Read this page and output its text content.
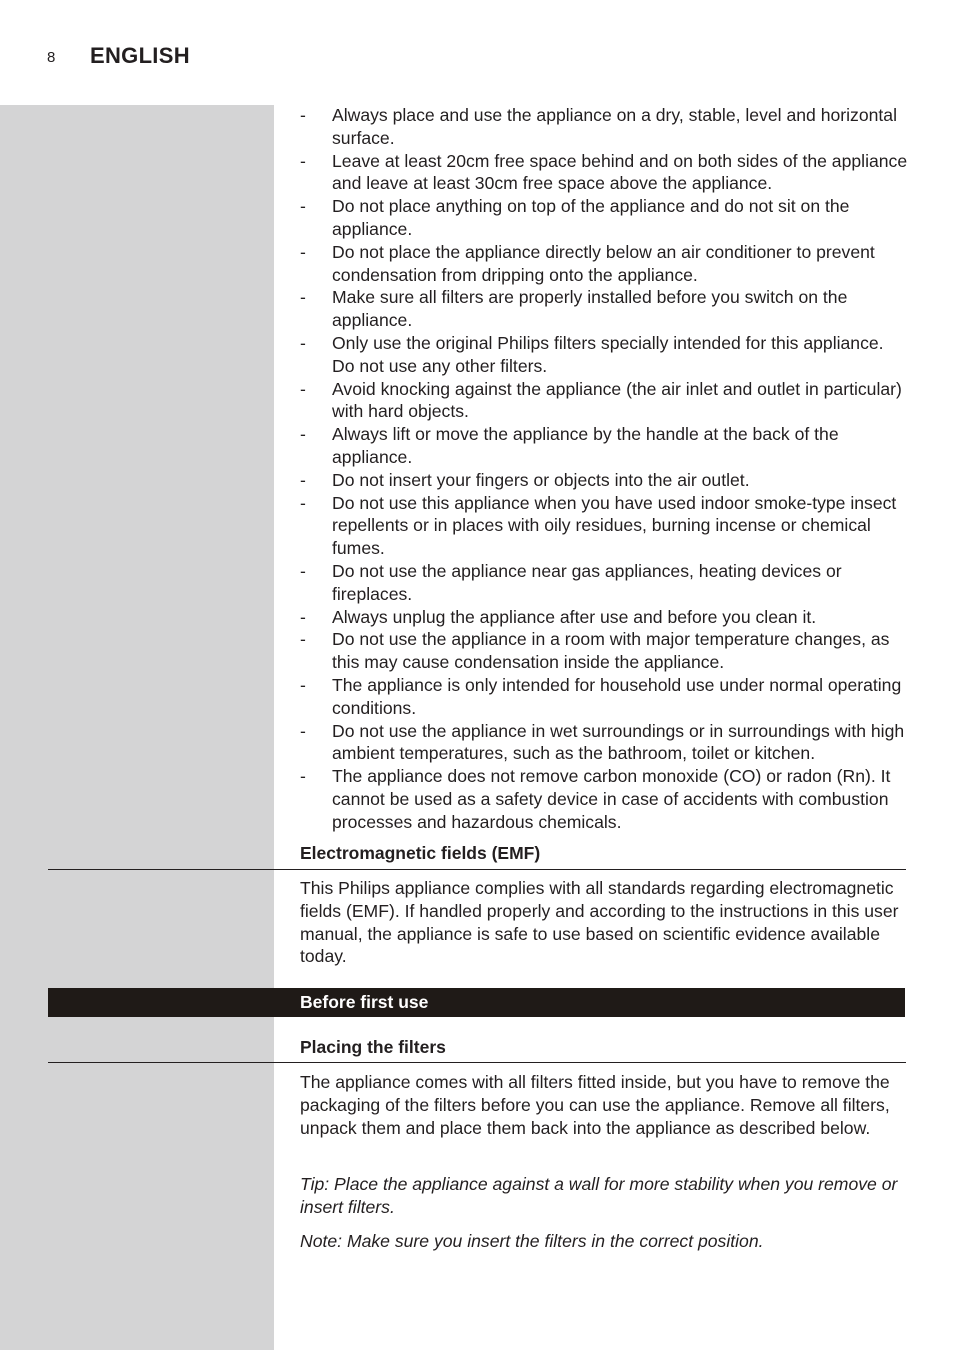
8 ENGLISH
- Always place and use the appliance on a dry, stable, level and horizontal surface.
- Leave at least 20cm free space behind and on both sides of the appliance and leave at least 30cm free space above the appliance.
- Do not place anything on top of the appliance and do not sit on the appliance.
- Do not place the appliance directly below an air conditioner to prevent condensation from dripping onto the appliance.
- Make sure all filters are properly installed before you switch on the appliance.
- Only use the original Philips filters specially intended for this appliance. Do not use any other filters.
- Avoid knocking against the appliance (the air inlet and outlet in particular) with hard objects.
- Always lift or move the appliance by the handle at the back of the appliance.
- Do not insert your fingers or objects into the air outlet.
- Do not use this appliance when you have used indoor smoke-type insect repellents or in places with oily residues, burning incense or chemical fumes.
- Do not use the appliance near gas appliances, heating devices or fireplaces.
- Always unplug the appliance after use and before you clean it.
- Do not use the appliance in a room with major temperature changes, as this may cause condensation inside the appliance.
- The appliance is only intended for household use under normal operating conditions.
- Do not use the appliance in wet surroundings or in surroundings with high ambient temperatures, such as the bathroom, toilet or kitchen.
- The appliance does not remove carbon monoxide (CO) or radon (Rn). It cannot be used as a safety device in case of accidents with combustion processes and hazardous chemicals.
Electromagnetic fields (EMF)
This Philips appliance complies with all standards regarding electromagnetic fields (EMF). If handled properly and according to the instructions in this user manual, the appliance is safe to use based on scientific evidence available today.
Before first use
Placing the filters
The appliance comes with all filters fitted inside, but you have to remove the packaging of the filters before you can use the appliance. Remove all filters, unpack them and place them back into the appliance as described below.
Tip: Place the appliance against a wall for more stability when you remove or insert filters.
Note: Make sure you insert the filters in the correct position.
